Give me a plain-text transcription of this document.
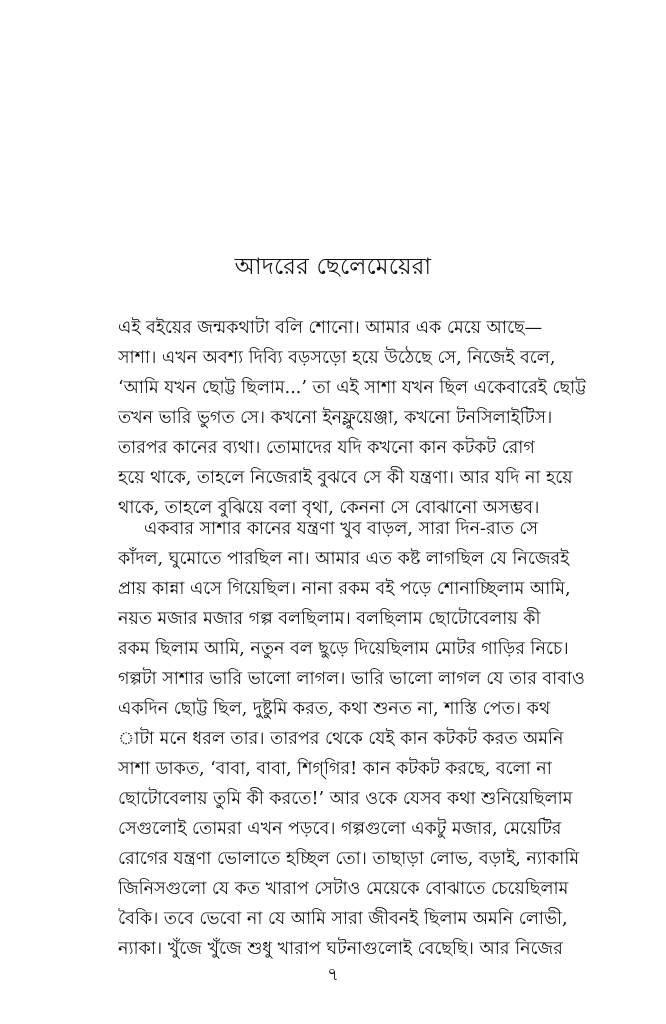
আদরের ছেলেমেয়েরা
এই বইয়ের জন্মকথাটা বলি শোনো। আমার এক মেয়ে আছে—
সাশা। এখন অবশ্য দিব্যি বড়সড়ো হয়ে উঠেছে সে, নিজেই বলে,
‘আমি যখন ছোট্ট ছিলাম...’ তা এই সাশা যখন ছিল একেবারেই ছোট্ট
তখন ভারি ভুগত সে। কখনো ইনফ্লুয়েঞ্জা, কখনো টনসিলাইটিস।
তারপর কানের ব্যথা। তোমাদের যদি কখনো কান কটকট রোগ
হয়ে থাকে, তাহলে নিজেরাই বুঝবে সে কী যন্ত্রণা। আর যদি না হয়ে
থাকে, তাহলে বুঝিয়ে বলা বৃথা, কেননা সে বোঝানো অসম্ভব।
একবার সাশার কানের যন্ত্রণা খুব বাড়ল, সারা দিন-রাত সে
কাঁদল, ঘুমোতে পারছিল না। আমার এত কষ্ট লাগছিল যে নিজেরই
প্রায় কান্না এসে গিয়েছিল। নানা রকম বই পড়ে শোনাচ্ছিলাম আমি,
নয়ত মজার মজার গল্প বলছিলাম। বলছিলাম ছোটোবেলায় কী
রকম ছিলাম আমি, নতুন বল ছুড়ে দিয়েছিলাম মোটর গাড়ির নিচে।
গল্পটা সাশার ভারি ভালো লাগল। ভারি ভালো লাগল যে তার বাবাও
একদিন ছোট্ট ছিল, দুষ্টুমি করত, কথা শুনত না, শাস্তি পেত। কথ
াটা মনে ধরল তার। তারপর থেকে যেই কান কটকট করত অমনি
সাশা ডাকত, ‘বাবা, বাবা, শিগ্‌গির! কান কটকট করছে, বলো না
ছোটোবেলায় তুমি কী করতে!’ আর ওকে যেসব কথা শুনিয়েছিলাম
সেগুলোই তোমরা এখন পড়বে। গল্পগুলো একটু মজার, মেয়েটির
রোগের যন্ত্রণা ভোলাতে হচ্ছিল তো। তাছাড়া লোভ, বড়াই, ন্যাকামি
জিনিসগুলো যে কত খারাপ সেটাও মেয়েকে বোঝাতে চেয়েছিলাম
বৈকি। তবে ভেবো না যে আমি সারা জীবনই ছিলাম অমনি লোভী,
ন্যাকা। খুঁজে খুঁজে শুধু খারাপ ঘটনাগুলোই বেছেছি। আর নিজের
৭
